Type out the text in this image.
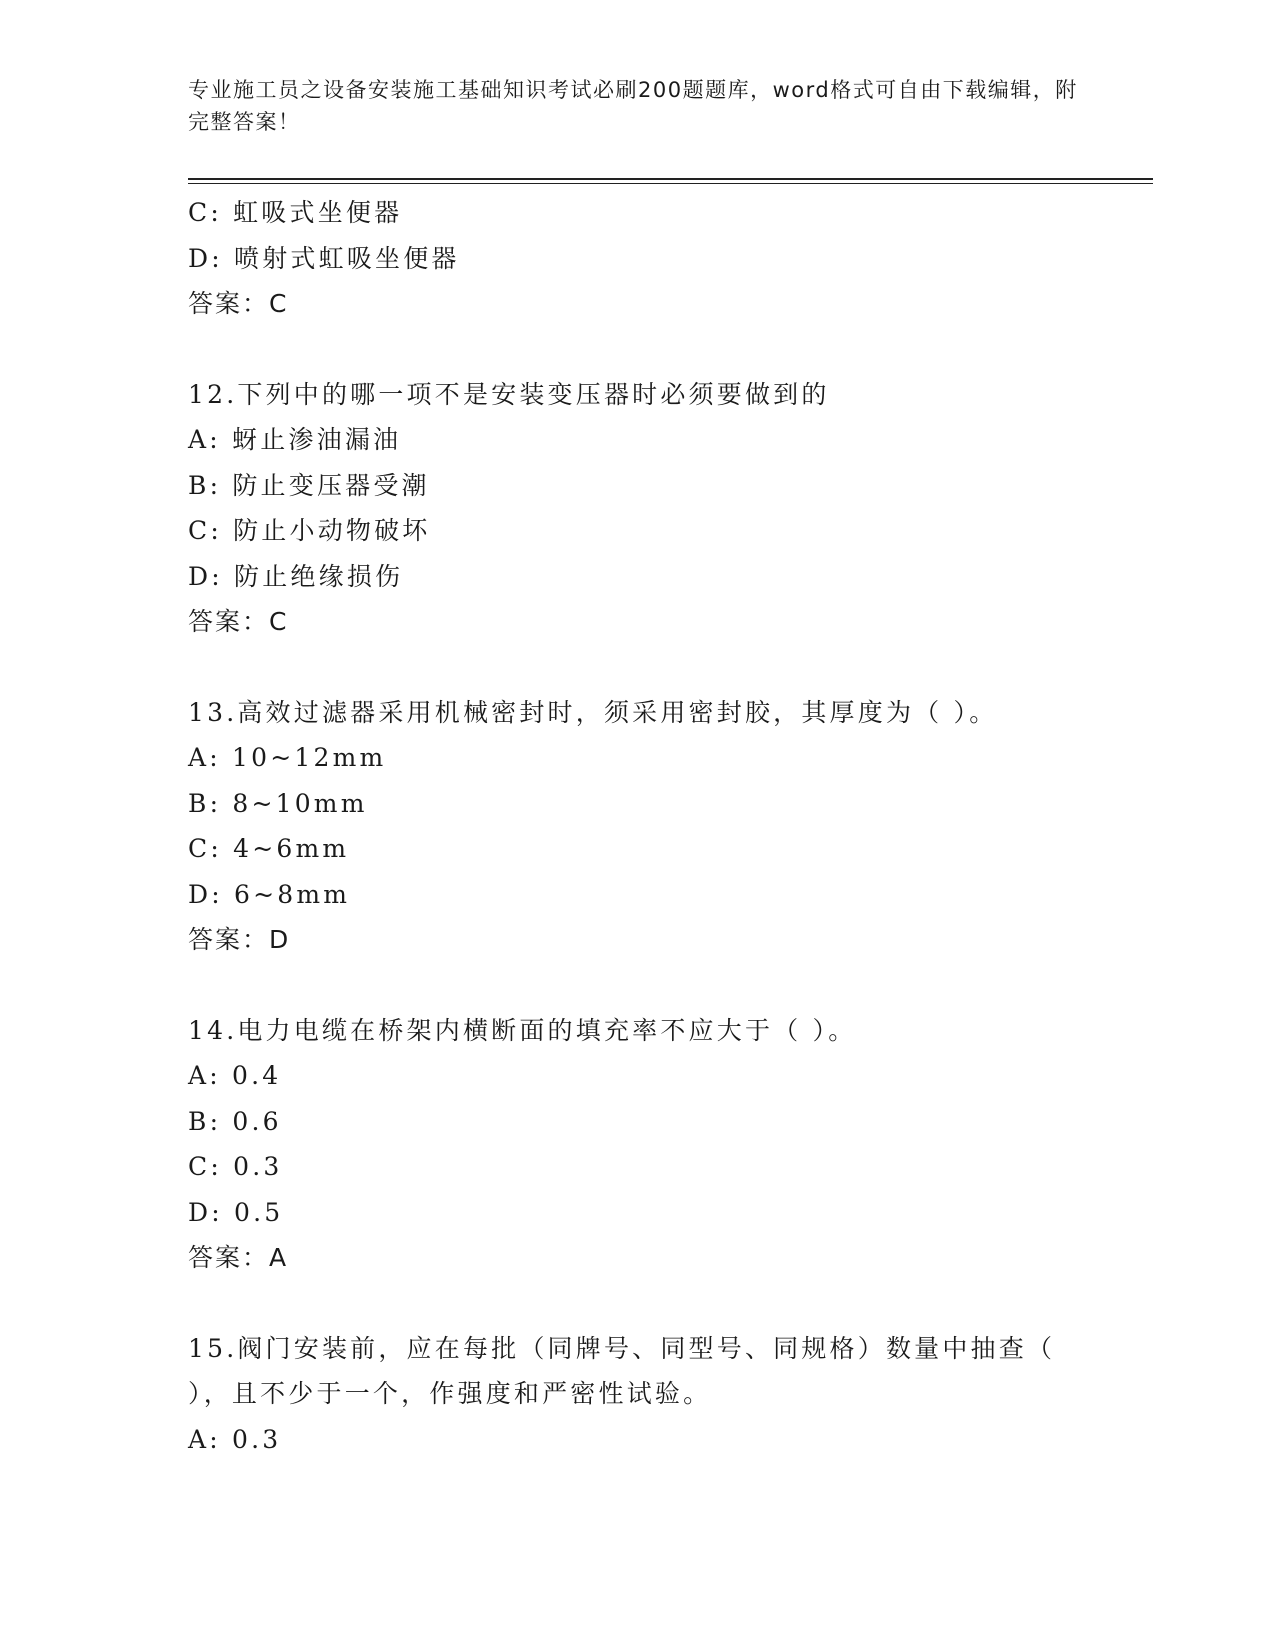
专业施工员之设备安装施工基础知识考试必刷200题题库，word格式可自由下载编辑，附完整答案！
C: 虹吸式坐便器
D: 喷射式虹吸坐便器
答案：C
12.下列中的哪一项不是安装变压器时必须要做到的
A: 蚜止渗油漏油
B: 防止变压器受潮
C: 防止小动物破坏
D: 防止绝缘损伤
答案：C
13.高效过滤器采用机械密封时，须采用密封胶，其厚度为（ ）。
A: 10~12mm
B: 8~10mm
C: 4~6mm
D: 6~8mm
答案：D
14.电力电缆在桥架内横断面的填充率不应大于（ ）。
A: 0.4
B: 0.6
C: 0.3
D: 0.5
答案：A
15.阀门安装前，应在每批（同牌号、同型号、同规格）数量中抽查（
），且不少于一个，作强度和严密性试验。
A: 0.3
